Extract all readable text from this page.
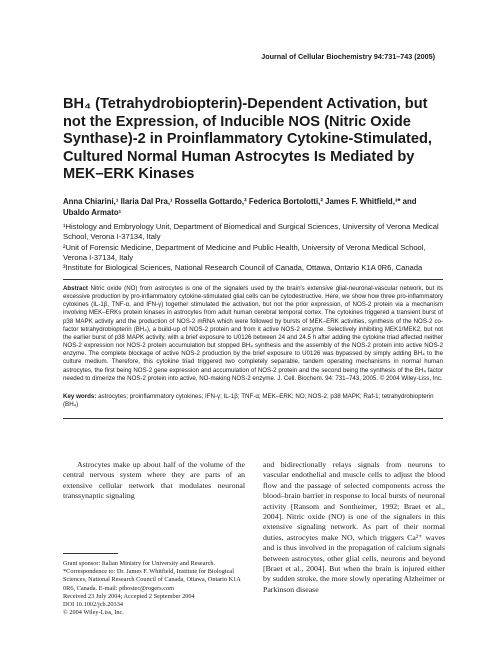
Journal of Cellular Biochemistry 94:731–743 (2005)
BH₄ (Tetrahydrobiopterin)-Dependent Activation, but not the Expression, of Inducible NOS (Nitric Oxide Synthase)-2 in Proinflammatory Cytokine-Stimulated, Cultured Normal Human Astrocytes Is Mediated by MEK–ERK Kinases
Anna Chiarini,¹ Ilaria Dal Pra,¹ Rossella Gottardo,² Federica Bortolotti,² James F. Whitfield,³* and Ubaldo Armato¹

¹Histology and Embryology Unit, Department of Biomedical and Surgical Sciences, University of Verona Medical School, Verona I-37134, Italy

²Unit of Forensic Medicine, Department of Medicine and Public Health, University of Verona Medical School, Verona I-37134, Italy

³Institute for Biological Sciences, National Research Council of Canada, Ottawa, Ontario K1A 0R6, Canada

Abstract Nitric oxide (NO) from astrocytes is one of the signalers used by the brain's extensive glial-neuronal-vascular network, but its excessive production by pro-inflammatory cytokine-stimulated glial cells can be cytodestructive. Here, we show how three pro-inflammatory cytokines (IL-1β, TNF-α, and IFN-γ) together stimulated the activation, but not the prior expression, of NOS-2 protein via a mechanism involving MEK–ERKs protein kinases in astrocytes from adult human cerebral temporal cortex. The cytokines triggered a transient burst of p38 MAPK activity and the production of NOS-2 mRNA which were followed by bursts of MEK–ERK activities, synthesis of the NOS-2 co-factor tetrahydrobiopterin (BH₄), a build-up of NOS-2 protein and from it active NOS-2 enzyme. Selectively inhibiting MEK1/MEK2, but not the earlier burst of p38 MAPK activity, with a brief exposure to U0126 between 24 and 24.5 h after adding the cytokine triad affected neither NOS-2 expression nor NOS-2 protein accumulation but stopped BH₄ synthesis and the assembly of the NOS-2 protein into active NOS-2 enzyme. The complete blockage of active NOS-2 production by the brief exposure to U0126 was bypassed by simply adding BH₄ to the culture medium. Therefore, this cytokine triad triggered two completely separable, tandem operating mechanisms in normal human astrocytes, the first being NOS-2 gene expression and accumulation of NOS-2 protein and the second being the synthesis of the BH₄ factor needed to dimerize the NOS-2 protein into active, NO-making NOS-2 enzyme. J. Cell. Biochem. 94: 731–743, 2005. © 2004 Wiley-Liss, Inc.
Key words: astrocytes; proinflammatory cytokines; IFN-γ; IL-1β; TNF-α; MEK–ERK; NO; NOS-2; p38 MAPK; Raf-1; tetrahydrobiopterin (BH₄)

Astrocytes make up about half of the volume of the central nervous system where they are parts of an extensive cellular network that modulates neuronal transsynaptic signaling

Grant sponsor: Italian Ministry for University and Research.

*Correspondence to: Dr. James F. Whitfield, Institute for Biological Sciences, National Research Council of Canada, Ottawa, Ontario K1A 0R6, Canada. E-mail: pthostec@rogers.com

Received 23 July 2004; Accepted 2 September 2004

DOI 10.1002/jcb.20334

© 2004 Wiley-Liss, Inc.

and bidirectionally relays signals from neurons to vascular endothelial and muscle cells to adjust the blood flow and the passage of selected components across the blood–brain barrier in response to local bursts of neuronal activity [Ransom and Sontheimer, 1992; Braet et al., 2004]. Nitric oxide (NO) is one of the signalers in this extensive signaling network. As part of their normal duties, astrocytes make NO, which triggers Ca²⁺ waves and is thus involved in the propagation of calcium signals between astrocytes, other glial cells, neurons and beyond [Braet et al., 2004]. But when the brain is injured either by sudden stroke, the more slowly operating Alzheimer or Parkinson disease
